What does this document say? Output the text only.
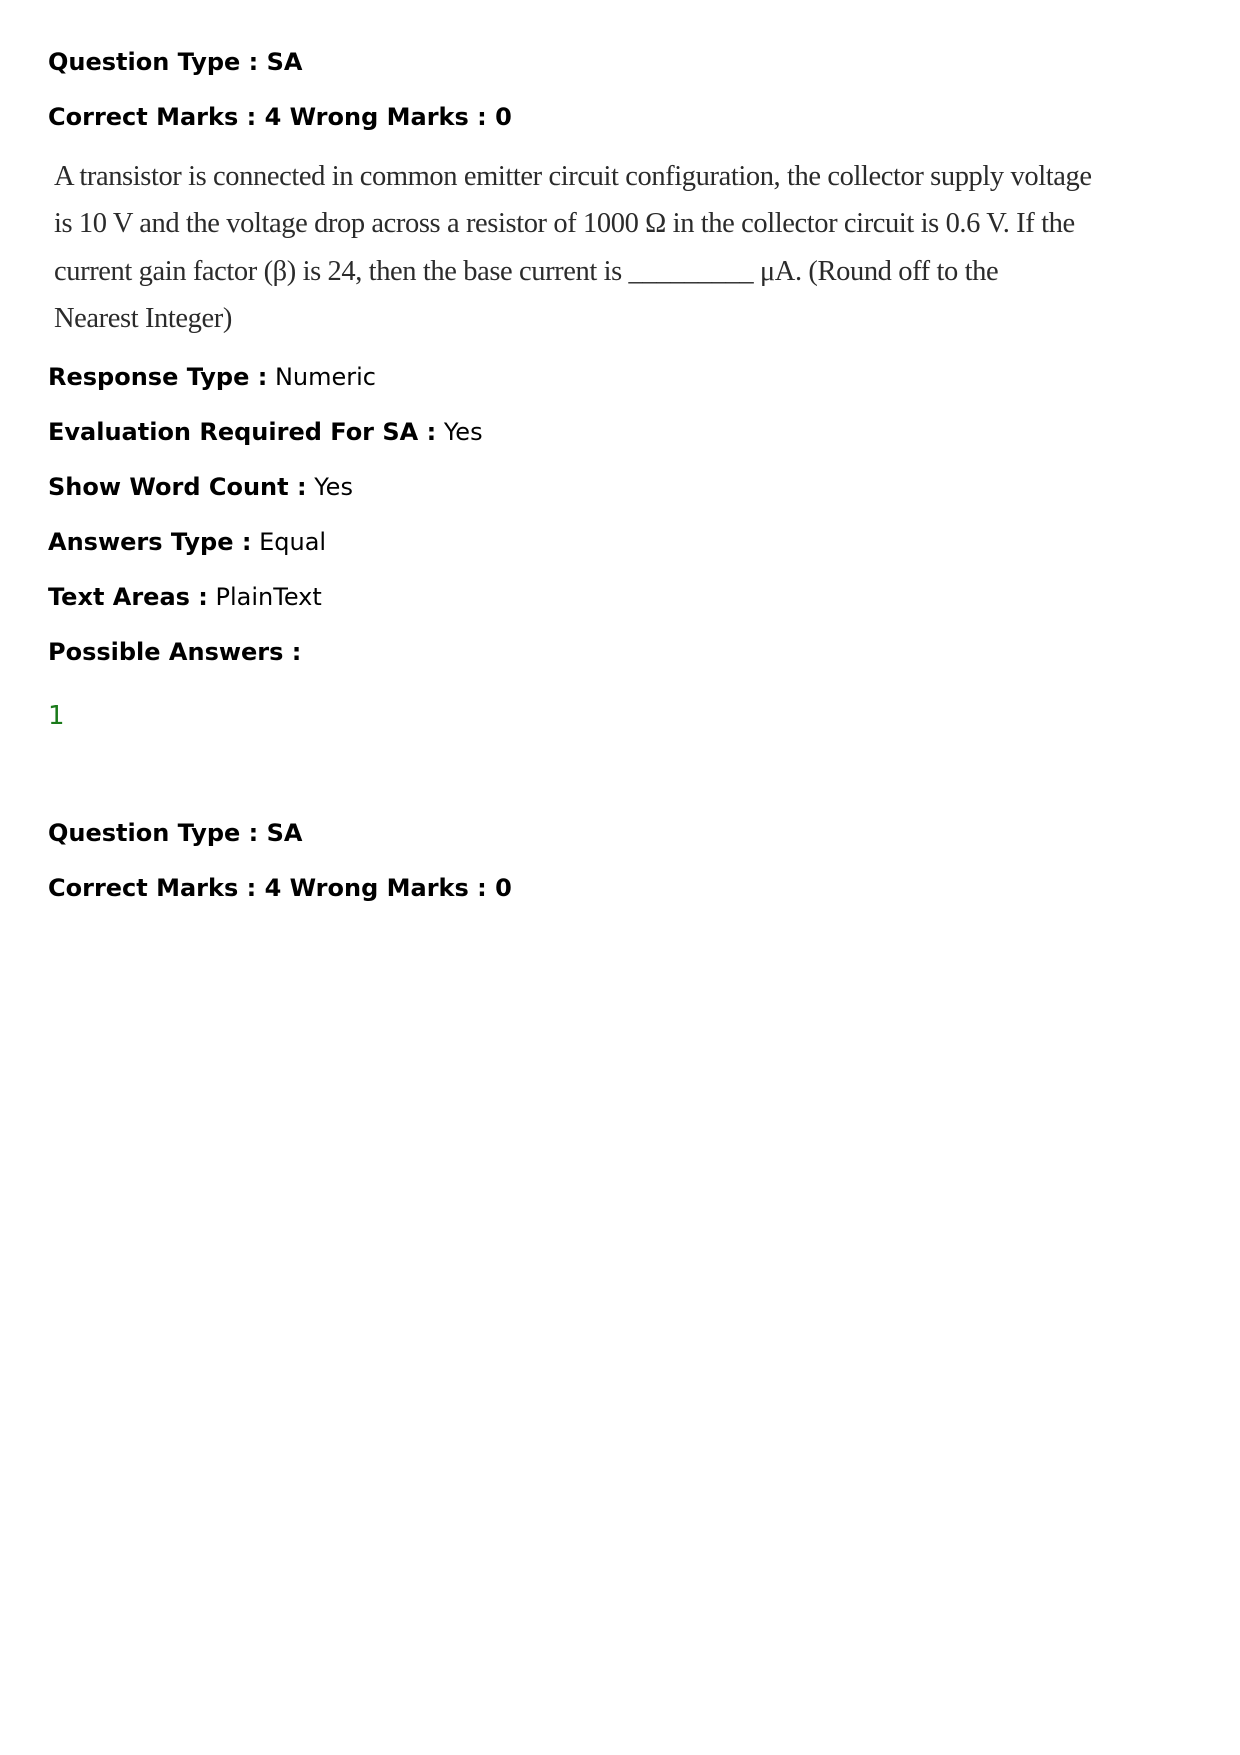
Question Type : SA
Correct Marks : 4 Wrong Marks : 0
A transistor is connected in common emitter circuit configuration, the collector supply voltage
is 10 V and the voltage drop across a resistor of 1000 Ω in the collector circuit is 0.6 V. If the
current gain factor (β) is 24, then the base current is _________ μA. (Round off to the
Nearest Integer)
Response Type : Numeric
Evaluation Required For SA : Yes
Show Word Count : Yes
Answers Type : Equal
Text Areas : PlainText
Possible Answers :
1
Question Type : SA
Correct Marks : 4 Wrong Marks : 0
